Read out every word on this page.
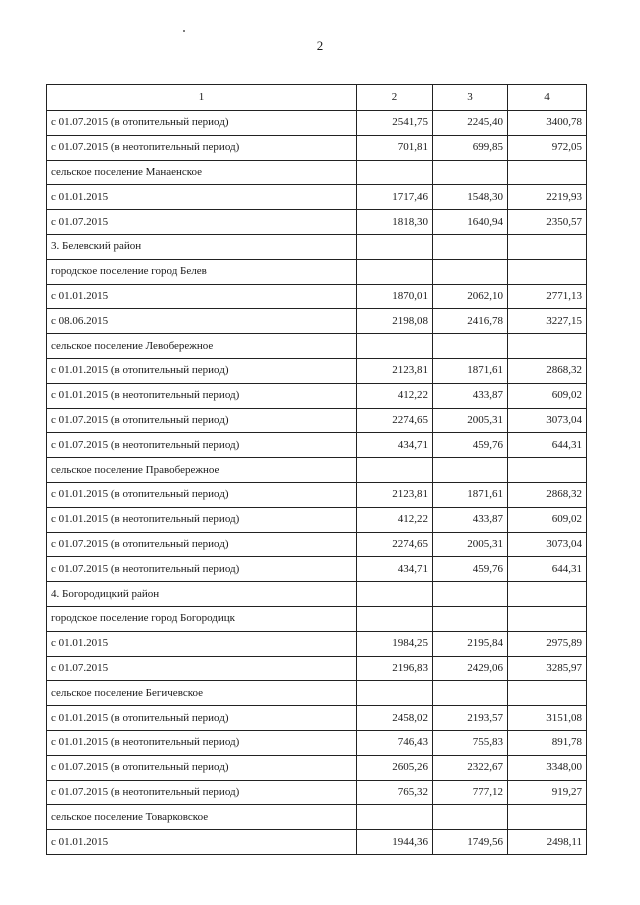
2
1	2	3	4
с 01.07.2015 (в отопительный период)	2541,75	2245,40	3400,78
с 01.07.2015 (в неотопительный период)	701,81	699,85	972,05
сельское поселение Манаенское			
с 01.01.2015	1717,46	1548,30	2219,93
с 01.07.2015	1818,30	1640,94	2350,57
3. Белевский район			
городское поселение город Белев			
с 01.01.2015	1870,01	2062,10	2771,13
с 08.06.2015	2198,08	2416,78	3227,15
сельское поселение Левобережное			
с 01.01.2015 (в отопительный период)	2123,81	1871,61	2868,32
с 01.01.2015 (в неотопительный период)	412,22	433,87	609,02
с 01.07.2015 (в отопительный период)	2274,65	2005,31	3073,04
с 01.07.2015 (в неотопительный период)	434,71	459,76	644,31
сельское поселение Правобережное			
с 01.01.2015 (в отопительный период)	2123,81	1871,61	2868,32
с 01.01.2015 (в неотопительный период)	412,22	433,87	609,02
с 01.07.2015 (в отопительный период)	2274,65	2005,31	3073,04
с 01.07.2015 (в неотопительный период)	434,71	459,76	644,31
4. Богородицкий район			
городское поселение город Богородицк			
с 01.01.2015	1984,25	2195,84	2975,89
с 01.07.2015	2196,83	2429,06	3285,97
сельское поселение Бегичевское			
с 01.01.2015 (в отопительный период)	2458,02	2193,57	3151,08
с 01.01.2015 (в неотопительный период)	746,43	755,83	891,78
с 01.07.2015 (в отопительный период)	2605,26	2322,67	3348,00
с 01.07.2015 (в неотопительный период)	765,32	777,12	919,27
сельское поселение Товарковское			
с 01.01.2015	1944,36	1749,56	2498,11
